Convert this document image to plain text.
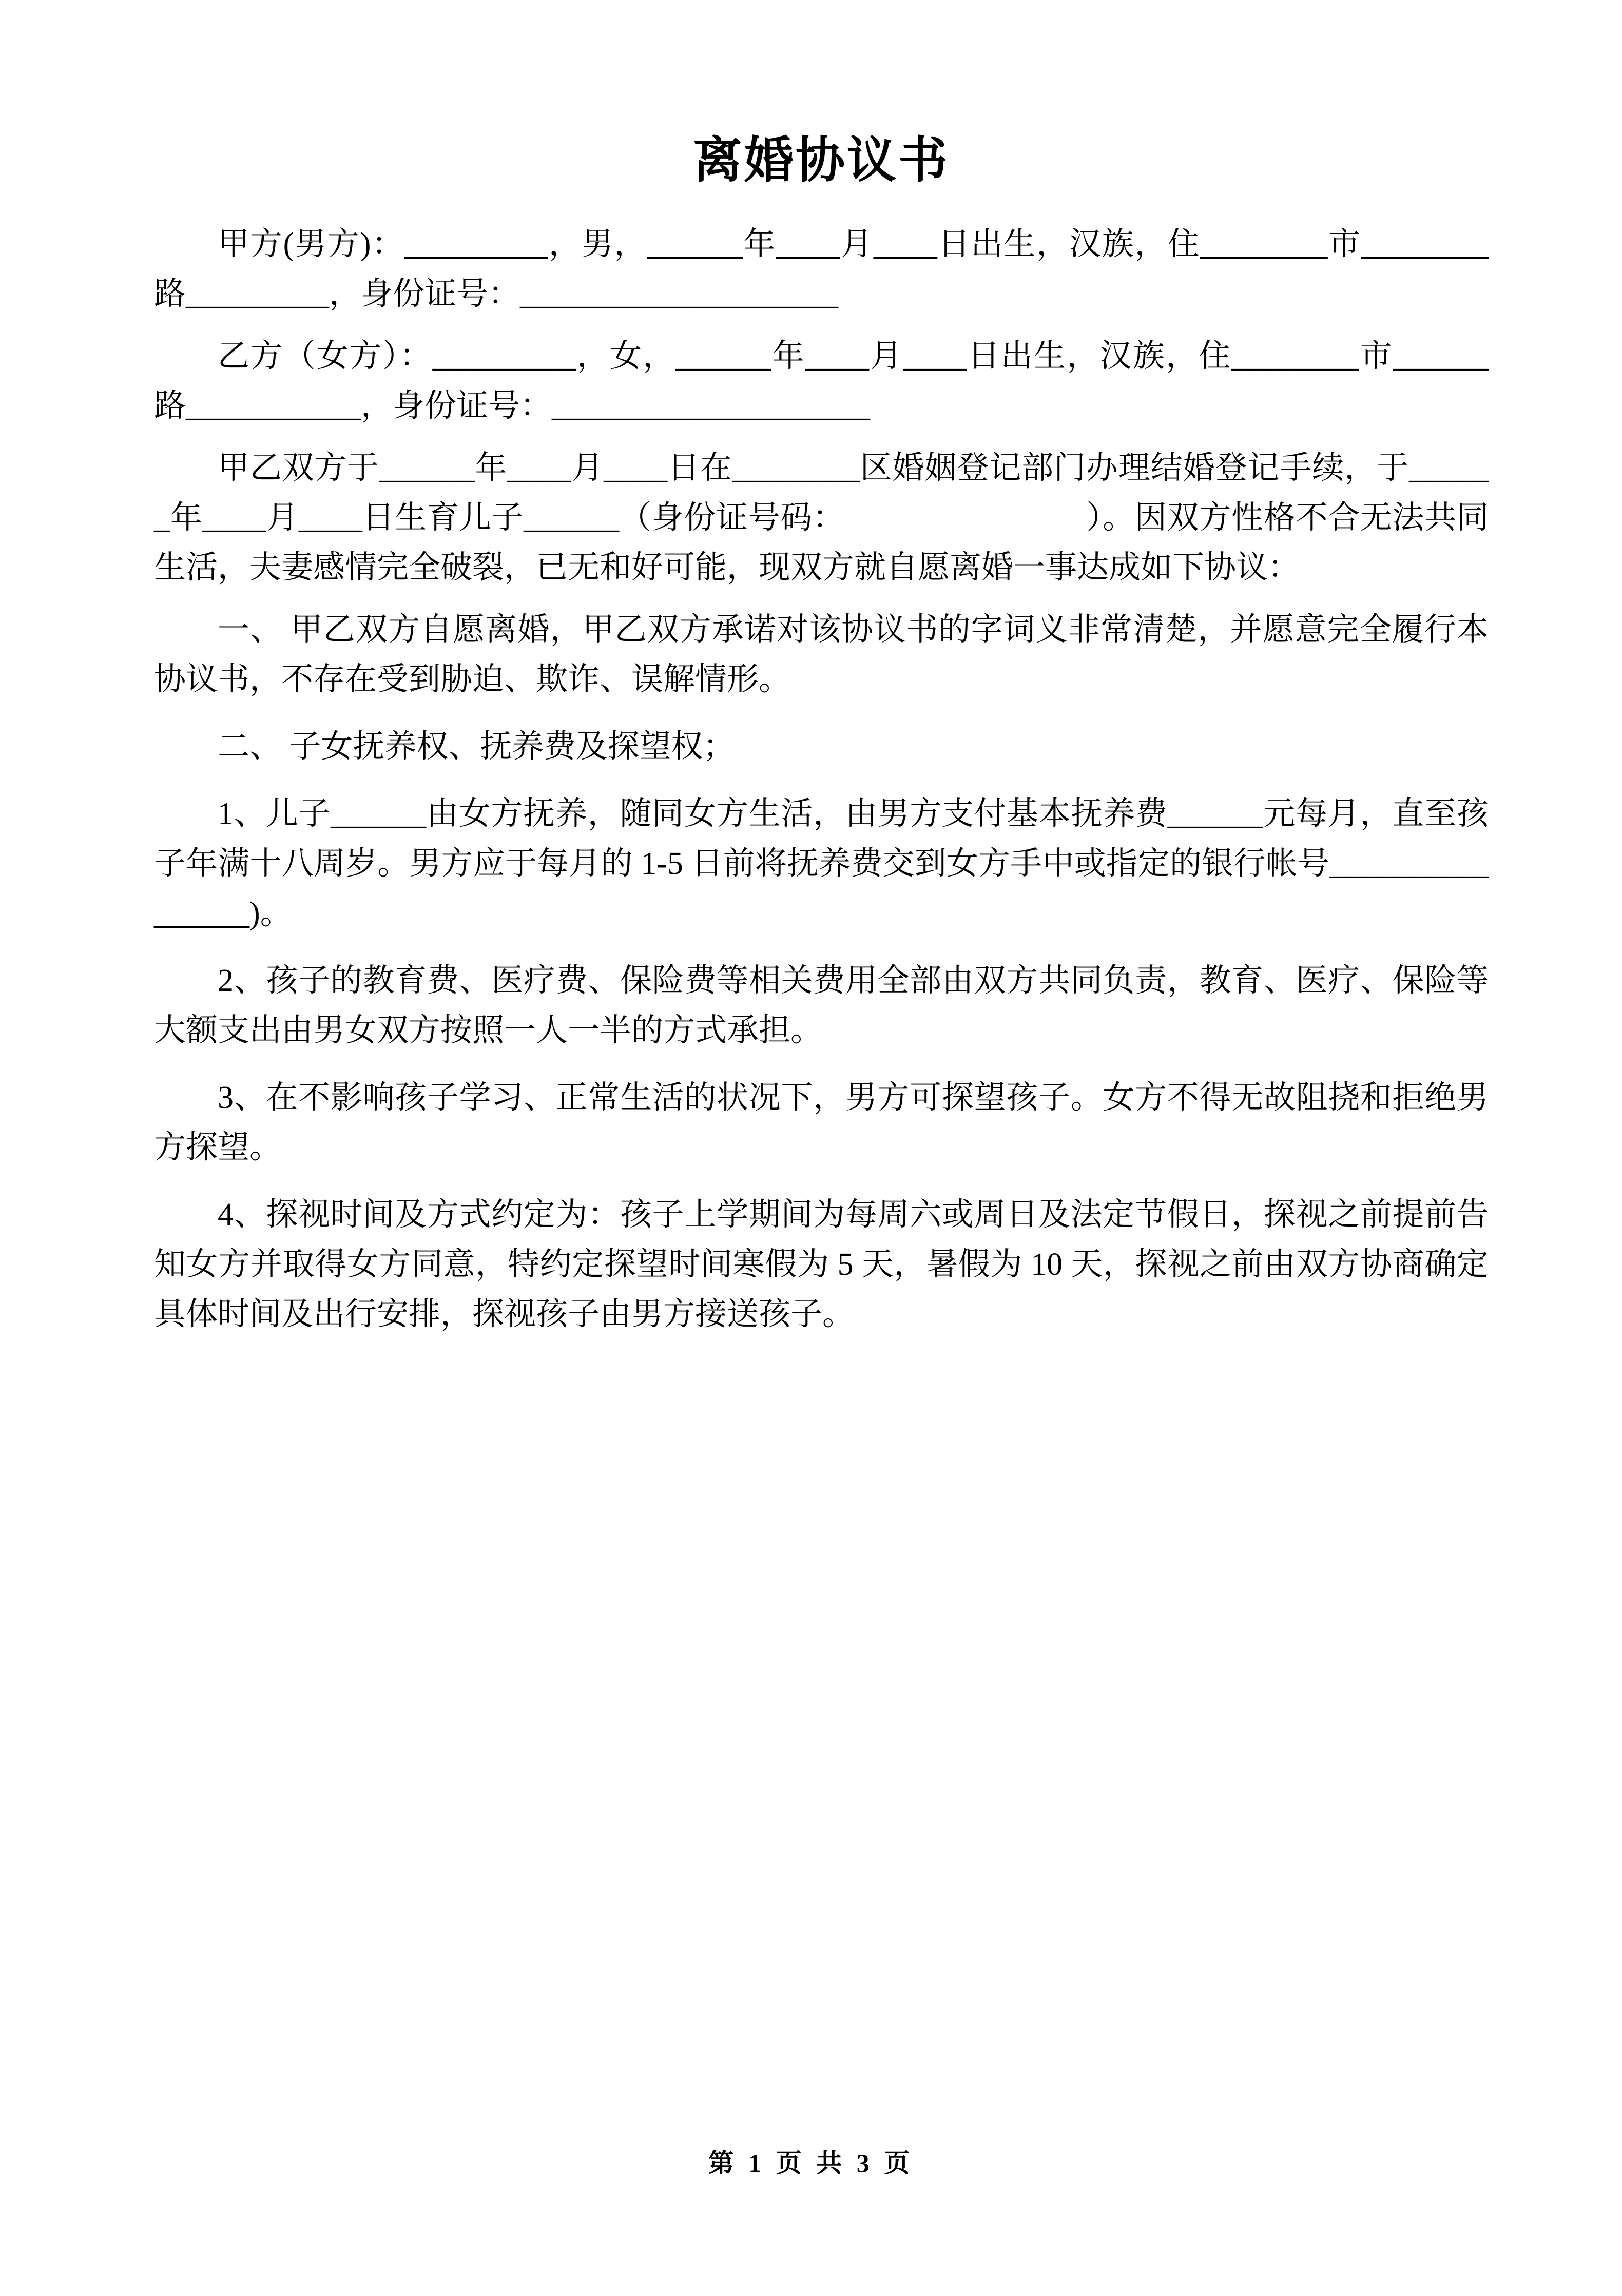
离婚协议书

甲方(男方)：_________，男，______年____月____日出生，汉族，住________市________路_________，身份证号：____________________

乙方（女方）：_________，女，______年____月____日出生，汉族，住________市______路___________，身份证号：____________________

甲乙双方于______年____月____日在________区婚姻登记部门办理结婚登记手续，于______年____月____日生育儿子______（身份证号码：	）。因双方性格不合无法共同生活，夫妻感情完全破裂，已无和好可能，现双方就自愿离婚一事达成如下协议：

一、 甲乙双方自愿离婚，甲乙双方承诺对该协议书的字词义非常清楚，并愿意完全履行本协议书，不存在受到胁迫、欺诈、误解情形。

二、 子女抚养权、抚养费及探望权；

1、儿子______由女方抚养，随同女方生活，由男方支付基本抚养费______元每月，直至孩子年满十八周岁。男方应于每月的 1-5 日前将抚养费交到女方手中或指定的银行帐号________________)。

2、孩子的教育费、医疗费、保险费等相关费用全部由双方共同负责，教育、医疗、保险等大额支出由男女双方按照一人一半的方式承担。

3、在不影响孩子学习、正常生活的状况下，男方可探望孩子。女方不得无故阻挠和拒绝男方探望。

4、探视时间及方式约定为：孩子上学期间为每周六或周日及法定节假日，探视之前提前告知女方并取得女方同意，特约定探望时间寒假为 5 天，暑假为 10 天，探视之前由双方协商确定具体时间及出行安排，探视孩子由男方接送孩子。

第 1 页 共 3 页
